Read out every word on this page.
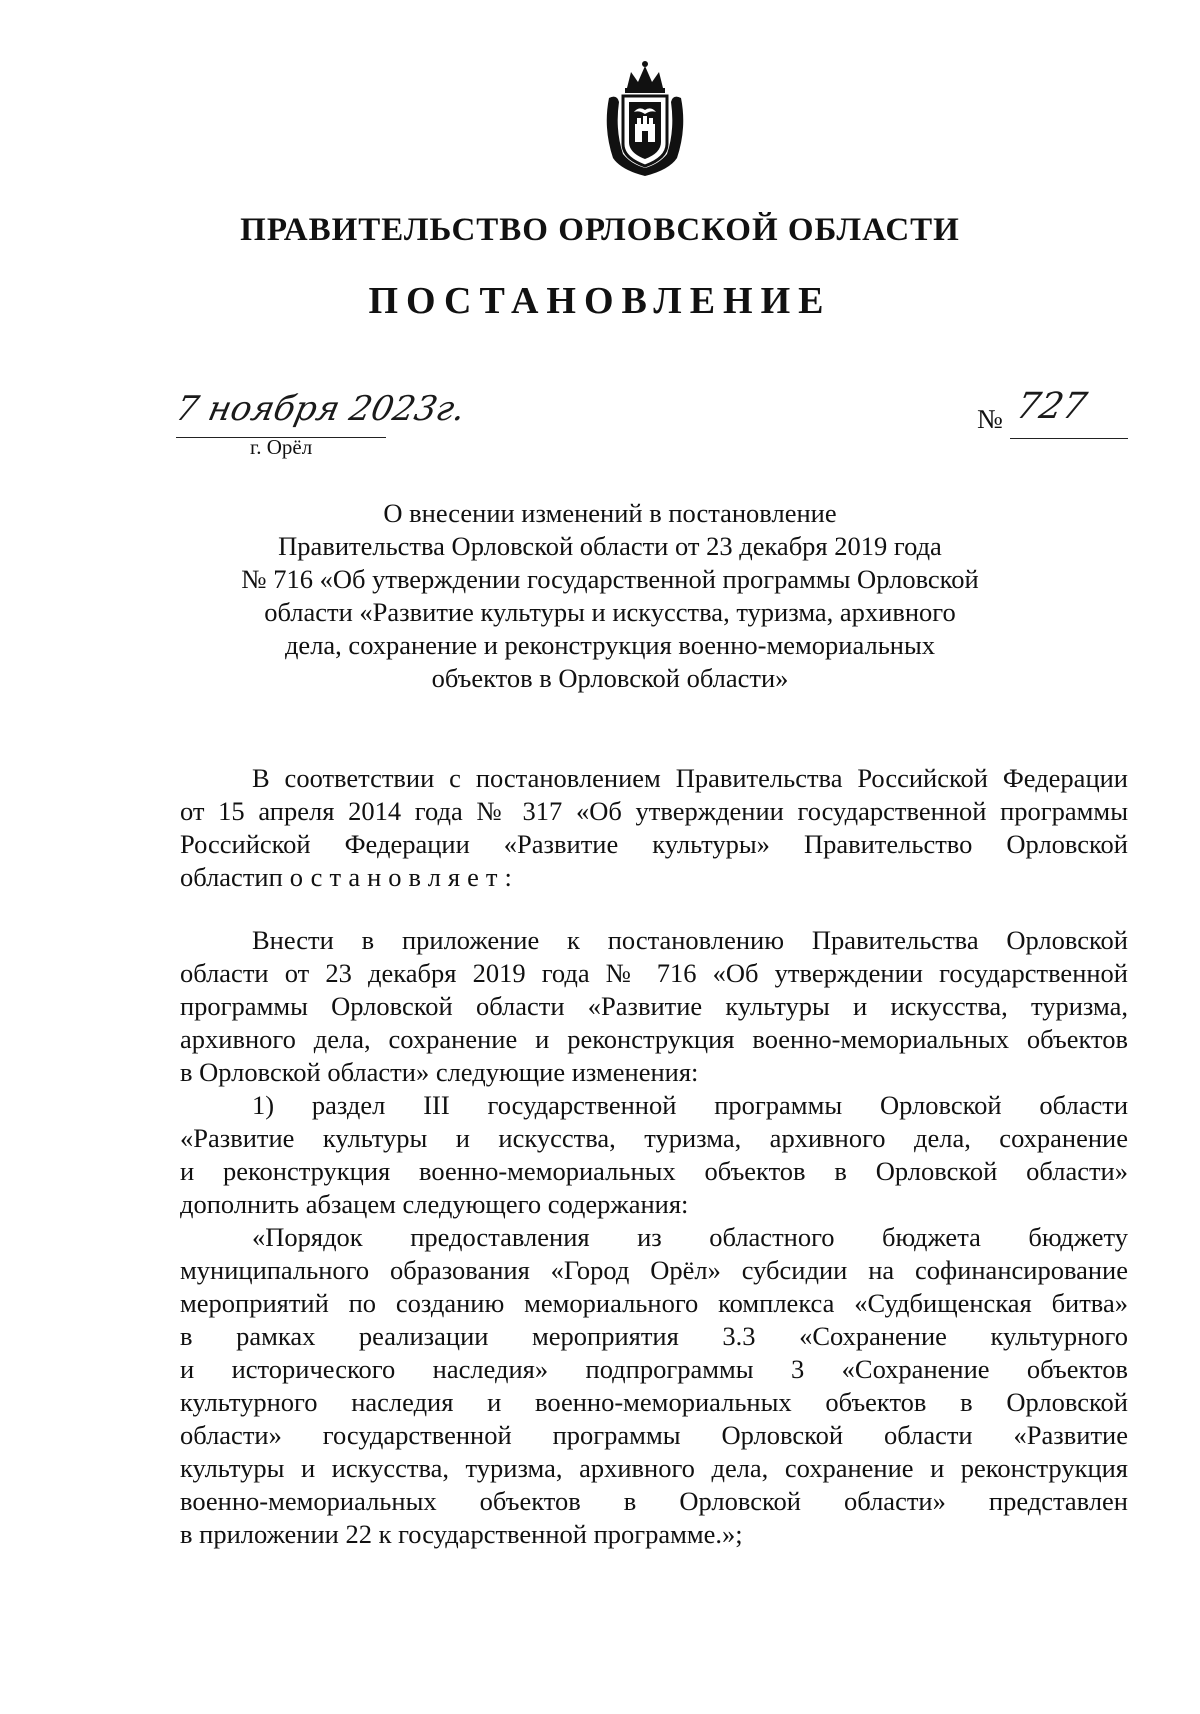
ПРАВИТЕЛЬСТВО ОРЛОВСКОЙ ОБЛАСТИ
ПОСТАНОВЛЕНИЕ
7 ноября 2023г.
г. Орёл
№ 727
О внесении изменений в постановление
Правительства Орловской области от 23 декабря 2019 года
№ 716 «Об утверждении государственной программы Орловской
области «Развитие культуры и искусства, туризма, архивного
дела, сохранение и реконструкция военно-мемориальных
объектов в Орловской области»
В соответствии с постановлением Правительства Российской Федерации
от 15 апреля 2014 года № 317 «Об утверждении государственной программы
Российской Федерации «Развитие культуры» Правительство Орловской
областипостановляет:
Внести в приложение к постановлению Правительства Орловской
области от 23 декабря 2019 года № 716 «Об утверждении государственной
программы Орловской области «Развитие культуры и искусства, туризма,
архивного дела, сохранение и реконструкция военно-мемориальных объектов
в Орловской области» следующие изменения:
1) раздел III государственной программы Орловской области
«Развитие культуры и искусства, туризма, архивного дела, сохранение
и реконструкция военно-мемориальных объектов в Орловской области»
дополнить абзацем следующего содержания:
«Порядок предоставления из областного бюджета бюджету
муниципального образования «Город Орёл» субсидии на софинансирование
мероприятий по созданию мемориального комплекса «Судбищенская битва»
в рамках реализации мероприятия 3.3 «Сохранение культурного
и исторического наследия» подпрограммы 3 «Сохранение объектов
культурного наследия и военно-мемориальных объектов в Орловской
области» государственной программы Орловской области «Развитие
культуры и искусства, туризма, архивного дела, сохранение и реконструкция
военно-мемориальных объектов в Орловской области» представлен
в приложении 22 к государственной программе.»;
